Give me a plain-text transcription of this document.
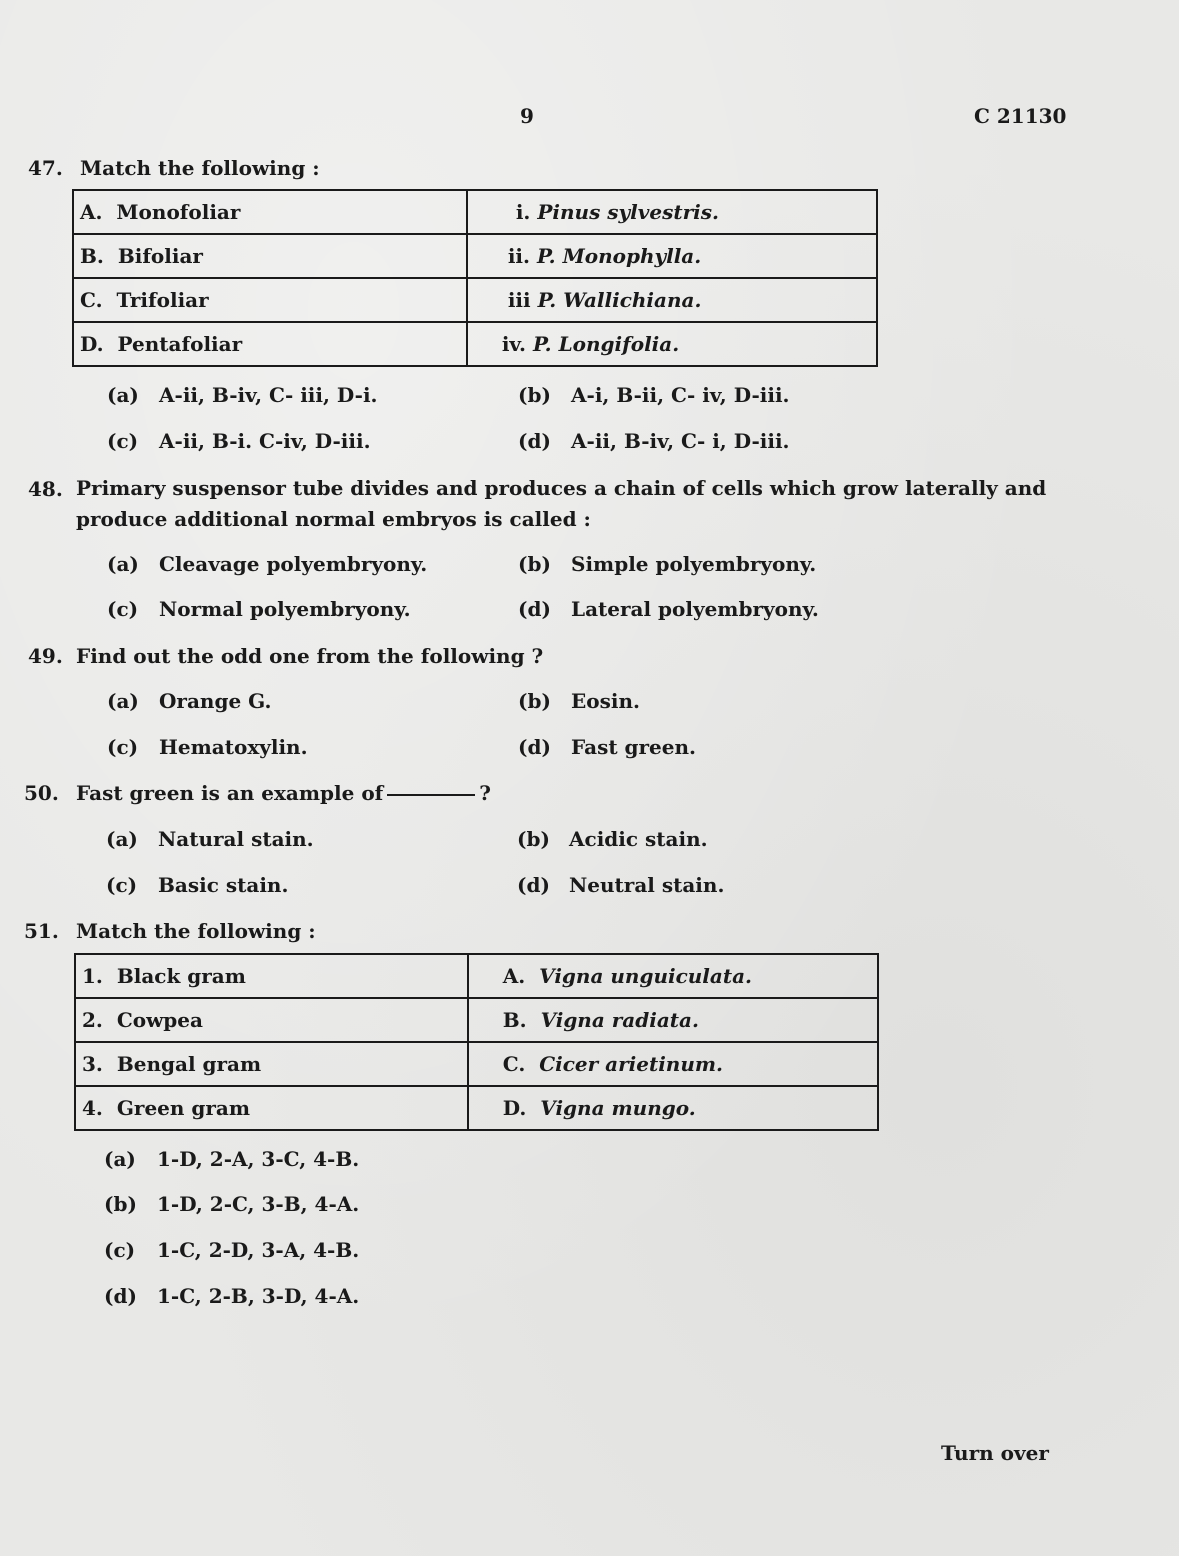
9	C 21130
47. Match the following :
A. Monofoliar	i. Pinus sylvestris.
B. Bifoliar	ii. P. Monophylla.
C. Trifoliar	iii P. Wallichiana.
D. Pentafoliar	iv. P. Longifolia.
(a) A-ii, B-iv, C- iii, D-i.	(b) A-i, B-ii, C- iv, D-iii.
(c) A-ii, B-i. C-iv, D-iii.	(d) A-ii, B-iv, C- i, D-iii.
48. Primary suspensor tube divides and produces a chain of cells which grow laterally and produce additional normal embryos is called :
(a) Cleavage polyembryony.	(b) Simple polyembryony.
(c) Normal polyembryony.	(d) Lateral polyembryony.
49. Find out the odd one from the following ?
(a) Orange G.	(b) Eosin.
(c) Hematoxylin.	(d) Fast green.
50. Fast green is an example of	?
(a) Natural stain.	(b) Acidic stain.
(c) Basic stain.	(d) Neutral stain.
51. Match the following :
1. Black gram	A. Vigna unguiculata.
2. Cowpea	B. Vigna radiata.
3. Bengal gram	C. Cicer arietinum.
4. Green gram	D. Vigna mungo.
(a) 1-D, 2-A, 3-C, 4-B.
(b) 1-D, 2-C, 3-B, 4-A.
(c) 1-C, 2-D, 3-A, 4-B.
(d) 1-C, 2-B, 3-D, 4-A.
Turn over
